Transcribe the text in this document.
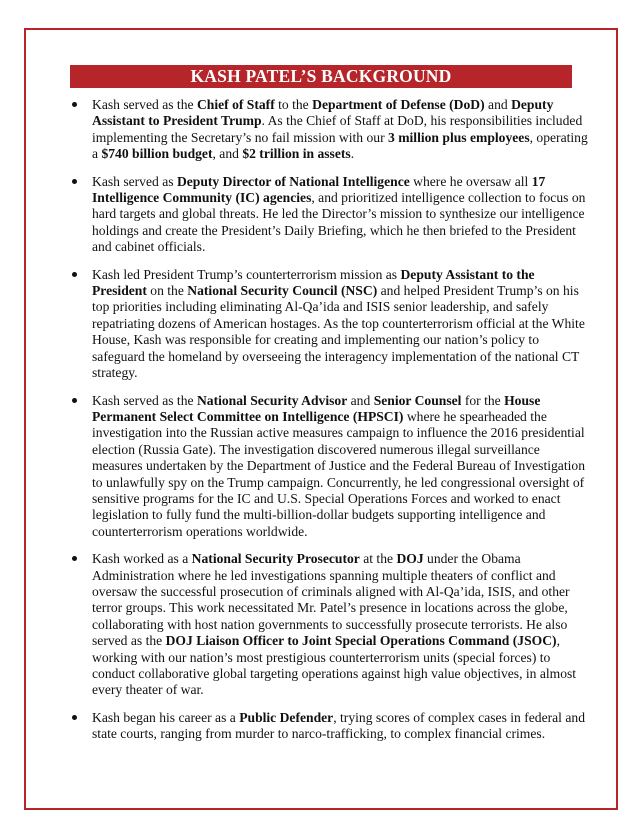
KASH PATEL’S BACKGROUND
Kash served as the Chief of Staff to the Department of Defense (DoD) and Deputy Assistant to President Trump. As the Chief of Staff at DoD, his responsibilities included implementing the Secretary’s no fail mission with our 3 million plus employees, operating a $740 billion budget, and $2 trillion in assets.
Kash served as Deputy Director of National Intelligence where he oversaw all 17 Intelligence Community (IC) agencies, and prioritized intelligence collection to focus on hard targets and global threats. He led the Director’s mission to synthesize our intelligence holdings and create the President’s Daily Briefing, which he then briefed to the President and cabinet officials.
Kash led President Trump’s counterterrorism mission as Deputy Assistant to the President on the National Security Council (NSC) and helped President Trump’s on his top priorities including eliminating Al-Qa’ida and ISIS senior leadership, and safely repatriating dozens of American hostages. As the top counterterrorism official at the White House, Kash was responsible for creating and implementing our nation’s policy to safeguard the homeland by overseeing the interagency implementation of the national CT strategy.
Kash served as the National Security Advisor and Senior Counsel for the House Permanent Select Committee on Intelligence (HPSCI) where he spearheaded the investigation into the Russian active measures campaign to influence the 2016 presidential election (Russia Gate). The investigation discovered numerous illegal surveillance measures undertaken by the Department of Justice and the Federal Bureau of Investigation to unlawfully spy on the Trump campaign. Concurrently, he led congressional oversight of sensitive programs for the IC and U.S. Special Operations Forces and worked to enact legislation to fully fund the multi-billion-dollar budgets supporting intelligence and counterterrorism operations worldwide.
Kash worked as a National Security Prosecutor at the DOJ under the Obama Administration where he led investigations spanning multiple theaters of conflict and oversaw the successful prosecution of criminals aligned with Al-Qa’ida, ISIS, and other terror groups. This work necessitated Mr. Patel’s presence in locations across the globe, collaborating with host nation governments to successfully prosecute terrorists. He also served as the DOJ Liaison Officer to Joint Special Operations Command (JSOC), working with our nation’s most prestigious counterterrorism units (special forces) to conduct collaborative global targeting operations against high value objectives, in almost every theater of war.
Kash began his career as a Public Defender, trying scores of complex cases in federal and state courts, ranging from murder to narco-trafficking, to complex financial crimes.
